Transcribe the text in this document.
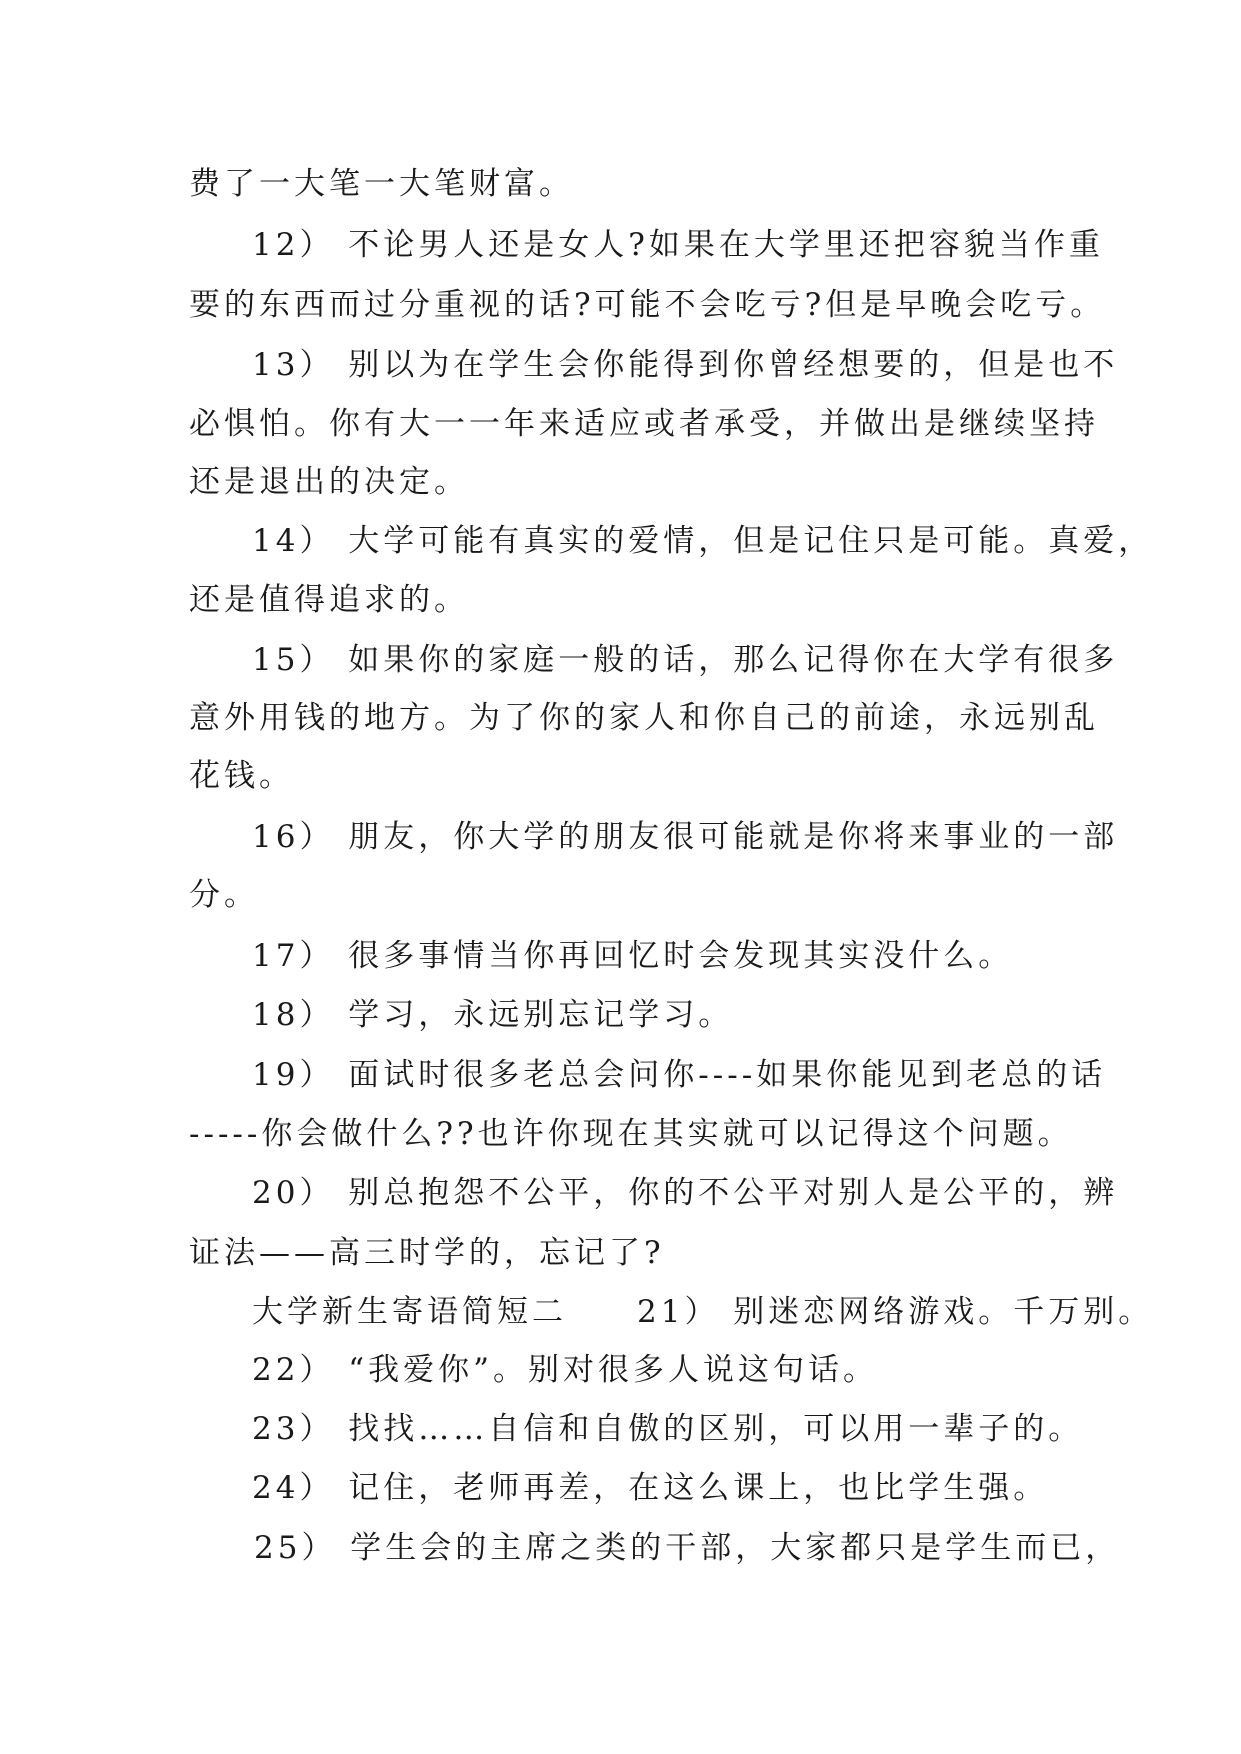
费了一大笔一大笔财富。
12） 不论男人还是女人?如果在大学里还把容貌当作重
要的东西而过分重视的话?可能不会吃亏?但是早晚会吃亏。
13） 别以为在学生会你能得到你曾经想要的，但是也不
必惧怕。你有大一一年来适应或者承受，并做出是继续坚持
还是退出的决定。
14） 大学可能有真实的爱情，但是记住只是可能。真爱，
还是值得追求的。
15） 如果你的家庭一般的话，那么记得你在大学有很多
意外用钱的地方。为了你的家人和你自己的前途，永远别乱
花钱。
16） 朋友，你大学的朋友很可能就是你将来事业的一部
分。
17） 很多事情当你再回忆时会发现其实没什么。
18） 学习，永远别忘记学习。
19） 面试时很多老总会问你----如果你能见到老总的话
-----你会做什么??也许你现在其实就可以记得这个问题。
20） 别总抱怨不公平，你的不公平对别人是公平的，辨
证法——高三时学的，忘记了?
大学新生寄语简短二　　21） 别迷恋网络游戏。千万别。
22） “我爱你”。别对很多人说这句话。
23） 找找……自信和自傲的区别，可以用一辈子的。
24） 记住，老师再差，在这么课上，也比学生强。
25） 学生会的主席之类的干部，大家都只是学生而已，
